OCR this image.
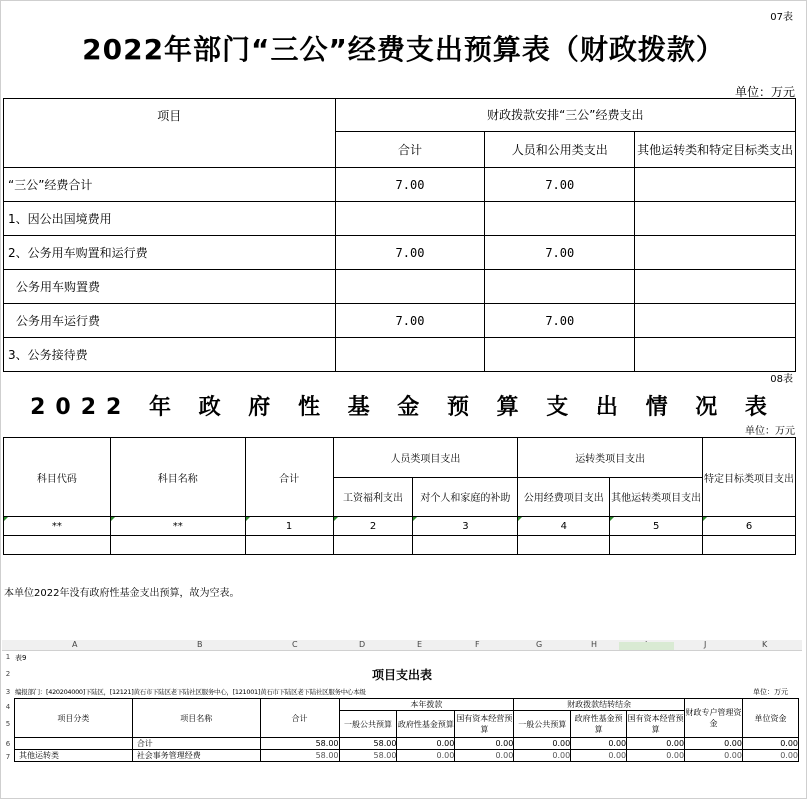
07表
2022年部门“三公”经费支出预算表（财政拨款）
单位：万元
项目	财政拨款安排“三公”经费支出		
	合计	人员和公用类支出	其他运转类和特定目标类支出
“三公”经费合计	7.00	7.00	
1、因公出国境费用			
2、公务用车购置和运行费	7.00	7.00	
公务用车购置费			
公务用车运行费	7.00	7.00	
3、公务接待费			
08表
2022 年 政 府 性 基 金 预 算 支 出 情 况 表
单位：万元
科目代码	科目名称	合计	人员类项目支出		运转类项目支出		特定目标类项目支出
			工资福利支出	对个人和家庭的补助	公用经费项目支出	其他运转类项目支出	
**	**	1	2	3	4	5	6

本单位2022年没有政府性基金支出预算，故为空表。
A	B	C	D	E	F	G	H	J	K
1
2
3
4
5
6
7
表9
项目支出表
编报部门：[420204000]下陆区，[12121]黄石市下陆区老下陆社区服务中心，[121001]黄石市下陆区老下陆社区服务中心本级	单位：万元
项目分类	项目名称	合计	本年拨款			财政拨款结转结余			财政专户管理资金	单位资金
			一般公共预算	政府性基金预算	国有资本经营预算	一般公共预算	政府性基金预算	国有资本经营预算		
	合计	58.00	58.00	0.00	0.00	0.00	0.00	0.00	0.00	0.00
其他运转类	社会事务管理经费	58.00	58.00	0.00	0.00	0.00	0.00	0.00	0.00	0.00
